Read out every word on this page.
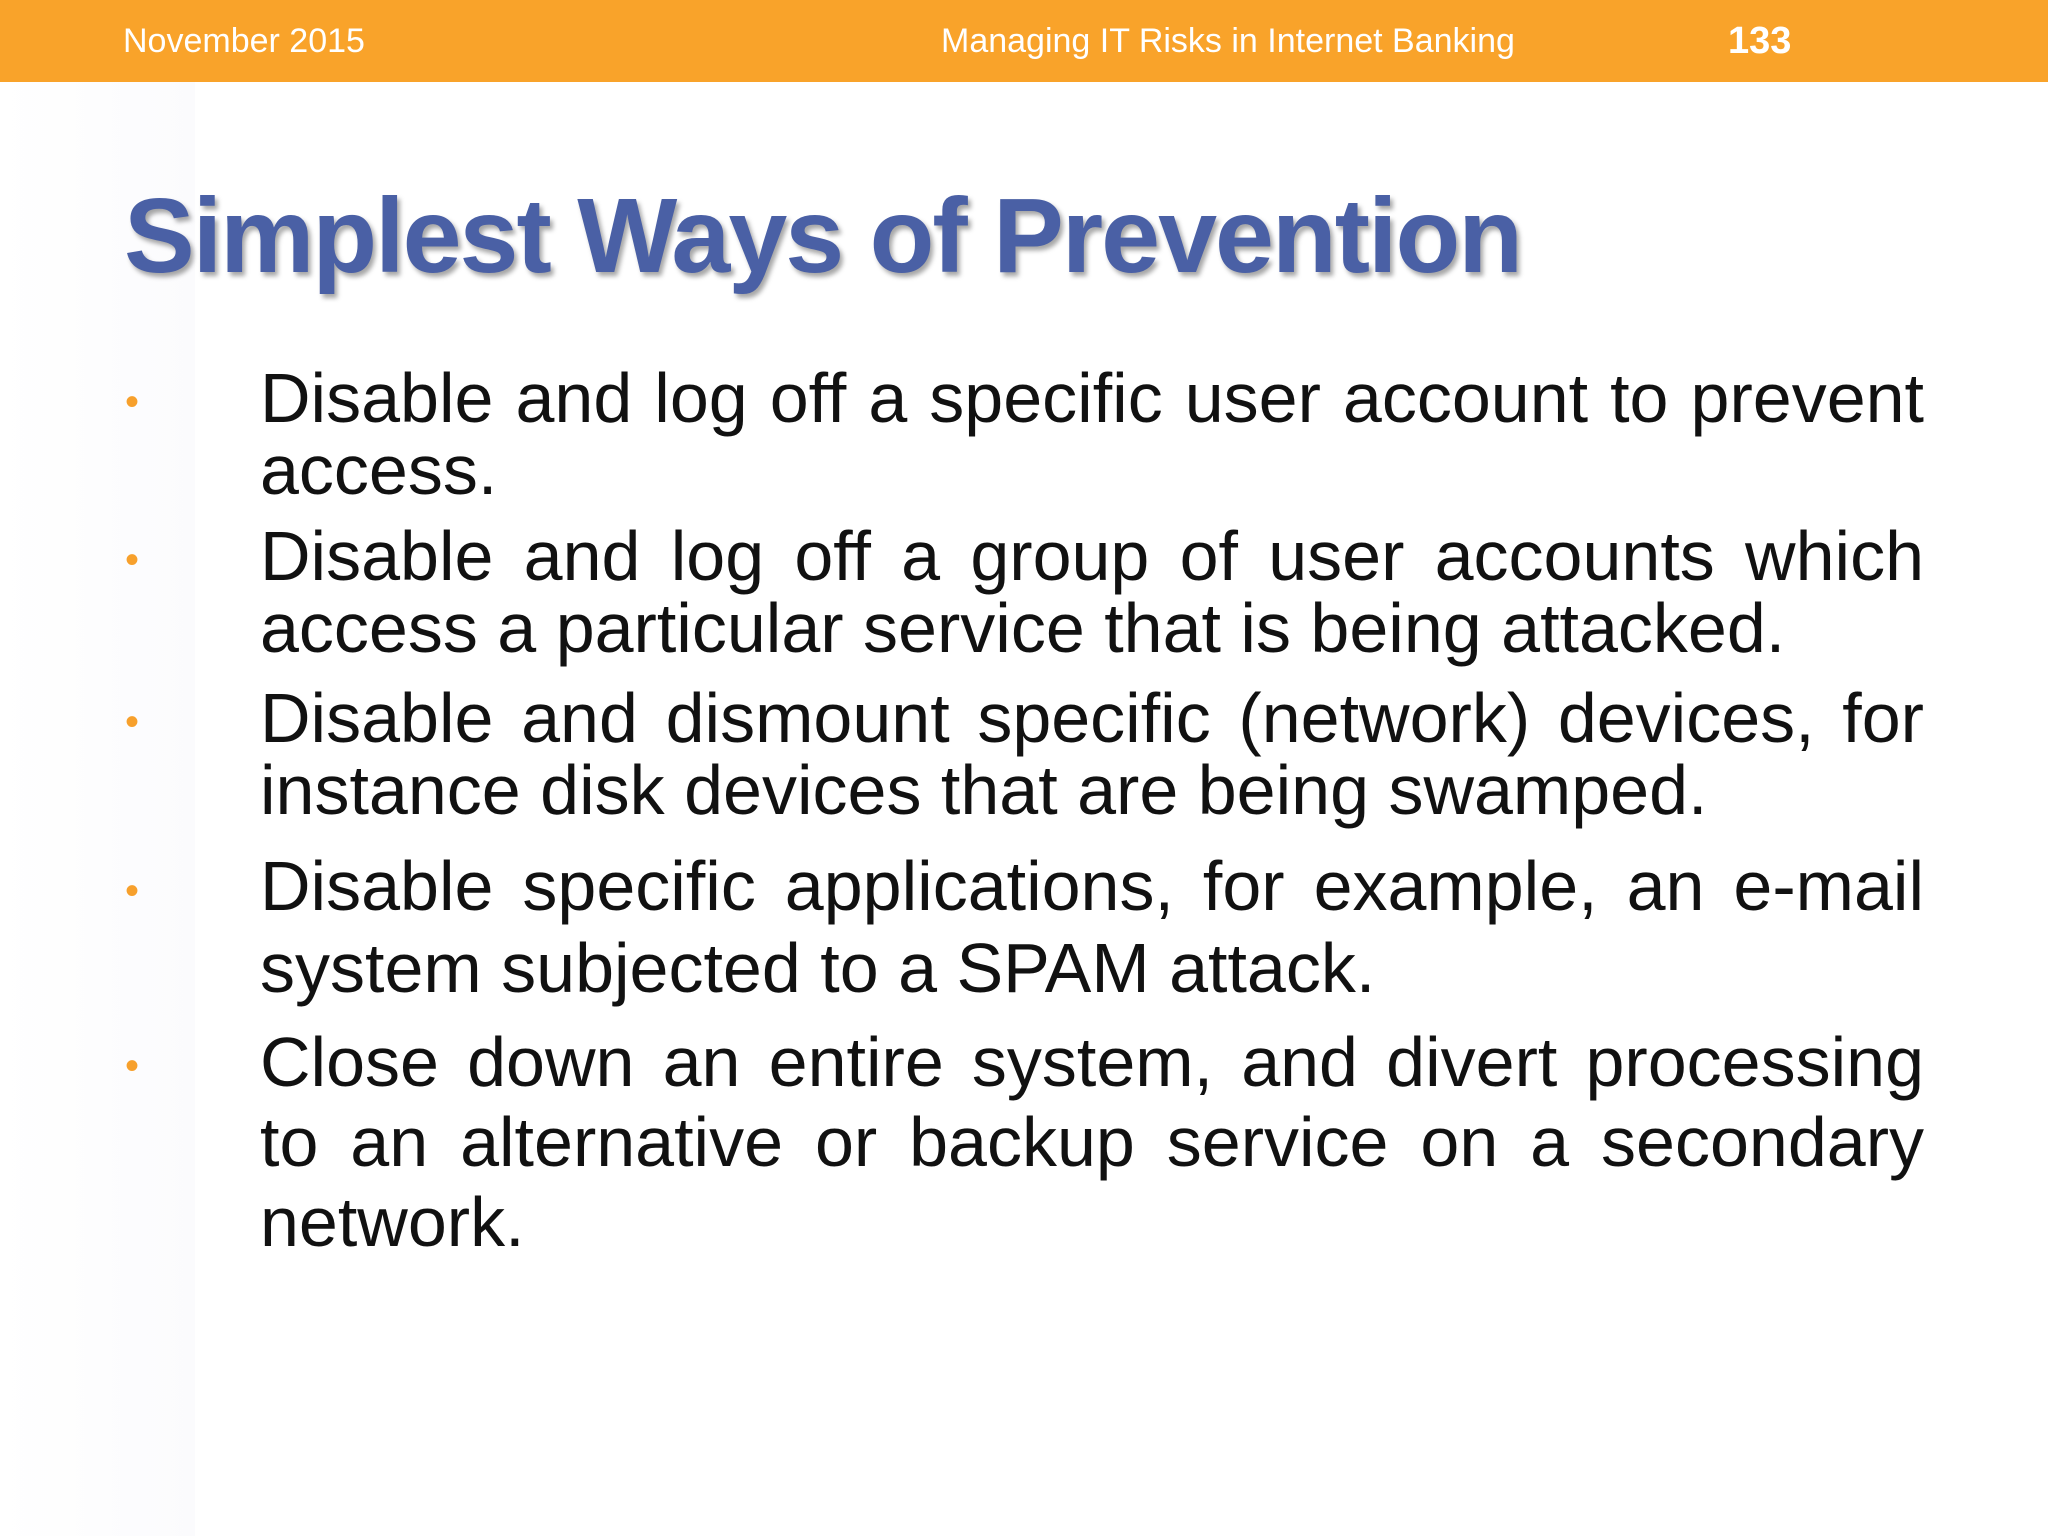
November 2015	Managing IT Risks in Internet Banking	133
Simplest Ways of Prevention
• Disable and log off a specific user account to prevent access.
• Disable and log off a group of user accounts which access a particular service that is being attacked.
• Disable and dismount specific (network) devices, for instance disk devices that are being swamped.
• Disable specific applications, for example, an e-mail system subjected to a SPAM attack.
• Close down an entire system, and divert processing to an alternative or backup service on a secondary network.
